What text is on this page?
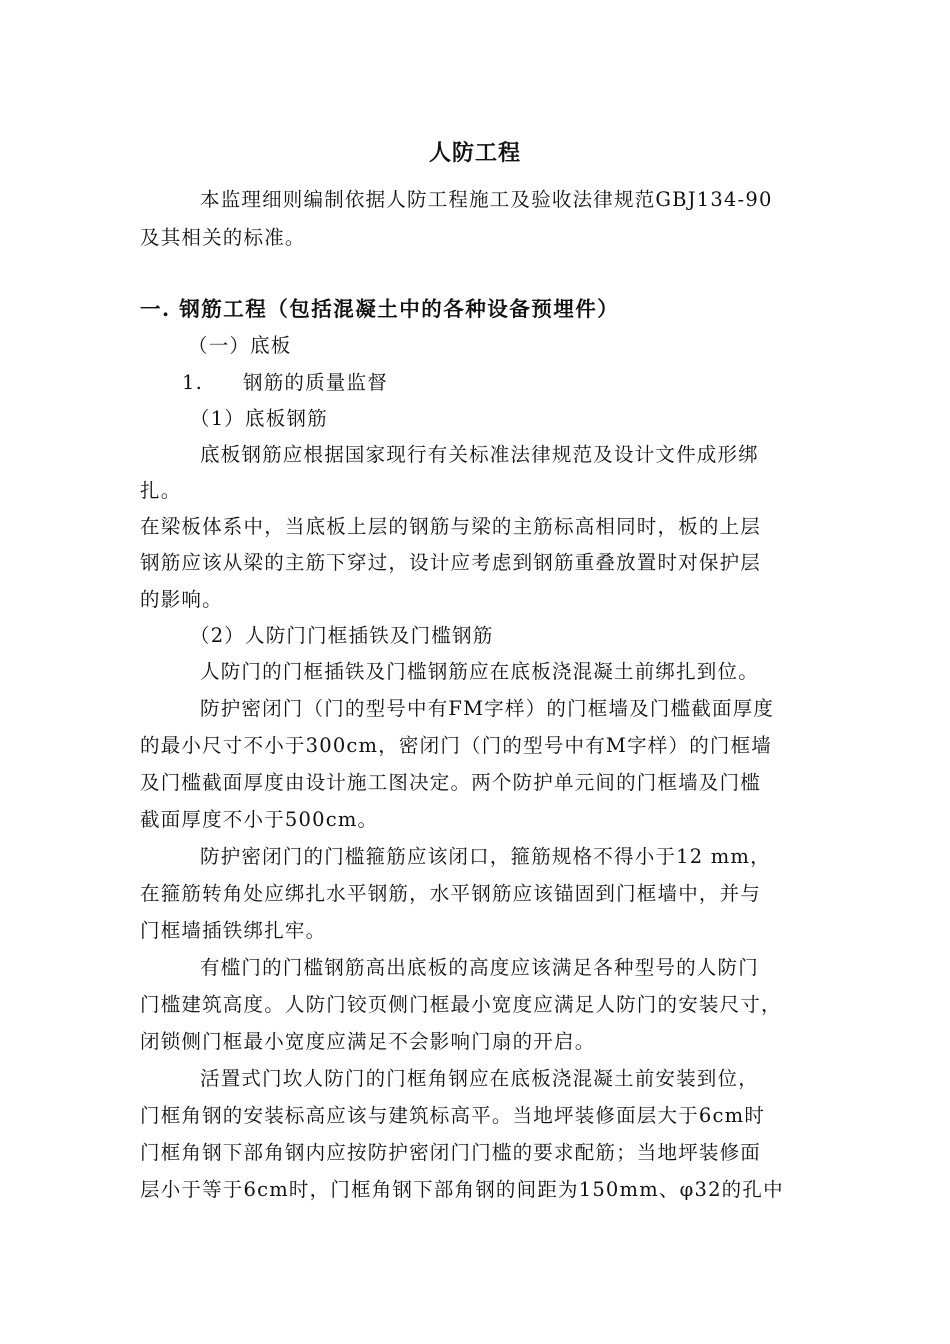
人防工程
本监理细则编制依据人防工程施工及验收法律规范GBJ134-90
及其相关的标准。
一. 钢筋工程（包括混凝土中的各种设备预埋件）
（一）底板
1. 钢筋的质量监督
（1）底板钢筋
底板钢筋应根据国家现行有关标准法律规范及设计文件成形绑
扎。
在梁板体系中，当底板上层的钢筋与梁的主筋标高相同时，板的上层
钢筋应该从梁的主筋下穿过，设计应考虑到钢筋重叠放置时对保护层
的影响。
（2）人防门门框插铁及门槛钢筋
人防门的门框插铁及门槛钢筋应在底板浇混凝土前绑扎到位。
防护密闭门（门的型号中有FM字样）的门框墙及门槛截面厚度
的最小尺寸不小于300cm，密闭门（门的型号中有M字样）的门框墙
及门槛截面厚度由设计施工图决定。两个防护单元间的门框墙及门槛
截面厚度不小于500cm。
防护密闭门的门槛箍筋应该闭口，箍筋规格不得小于12 mm，
在箍筋转角处应绑扎水平钢筋，水平钢筋应该锚固到门框墙中，并与
门框墙插铁绑扎牢。
有槛门的门槛钢筋高出底板的高度应该满足各种型号的人防门
门槛建筑高度。人防门铰页侧门框最小宽度应满足人防门的安装尺寸，
闭锁侧门框最小宽度应满足不会影响门扇的开启。
活置式门坎人防门的门框角钢应在底板浇混凝土前安装到位，
门框角钢的安装标高应该与建筑标高平。当地坪装修面层大于6cm时
门框角钢下部角钢内应按防护密闭门门槛的要求配筋；当地坪装修面
层小于等于6cm时，门框角钢下部角钢的间距为150mm、φ32的孔中
